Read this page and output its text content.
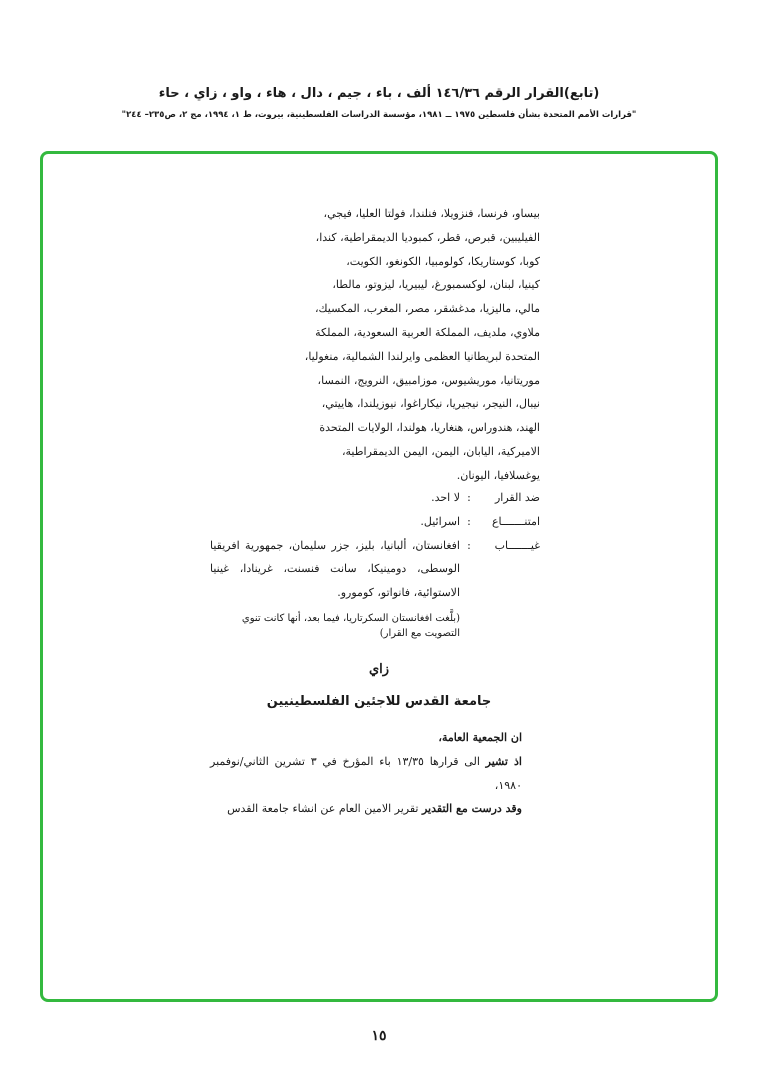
(تابع)القرار الرقم ١٤٦/٣٦ ألف ، باء ، جيم ، دال ، هاء ، واو ، زاي ، حاء
"قرارات الأمم المتحدة بشأن فلسطين ١٩٧٥ ــ ١٩٨١، مؤسسة الدراسات الفلسطينية، بيروت، ط ١، ١٩٩٤، مج ٢، ص٢٣٥– ٢٤٤"
بيساو، فرنسا، فنزويلا، فنلندا، فولتا العليا، فيجي،
الفيليبين، قبرص، قطر، كمبوديا الديمقراطية، كندا،
كوبا، كوستاريكا، كولومبيا، الكونغو، الكويت،
كينيا، لبنان، لوكسمبورغ، ليبيريا، ليزوتو، مالطا،
مالي، ماليزيا، مدغشقر، مصر، المغرب، المكسيك،
ملاوي، ملديف، المملكة العربية السعودية، المملكة
المتحدة لبريطانيا العظمى وايرلندا الشمالية، منغوليا،
موريتانيا، موريشيوس، موزامبيق، النرويج، النمسا،
نيبال، النيجر، نيجيريا، نيكاراغوا، نيوزيلندا، هاييتي،
الهند، هندوراس، هنغاريا، هولندا، الولايات المتحدة
الاميركية، اليابان، اليمن، اليمن الديمقراطية،
يوغسلافيا، اليونان.
ضد القرار
:
لا احد.
امتنـــــــاع
:
اسرائيل.
غيـــــــاب
:
افغانستان، ألبانيا، بليز، جزر سليمان، جمهورية افريقيا الوسطى، دومينيكا، سانت فنسنت، غرينادا، غينيا الاستوائية، فانواتو، كومورو.
(بلَّغت افغانستان السكرتاريا، فيما بعد، أنها كانت تنوي التصويت مع القرار)
زاي
جامعة القدس للاجئين الفلسطينيين
ان الجمعية العامة،
اذ تشير الى قرارها ١٣/٣٥ باء المؤرخ في ٣ تشرين الثاني/نوفمبر ١٩٨٠،
وقد درست مع التقدير تقرير الامين العام عن انشاء جامعة القدس
١٥
